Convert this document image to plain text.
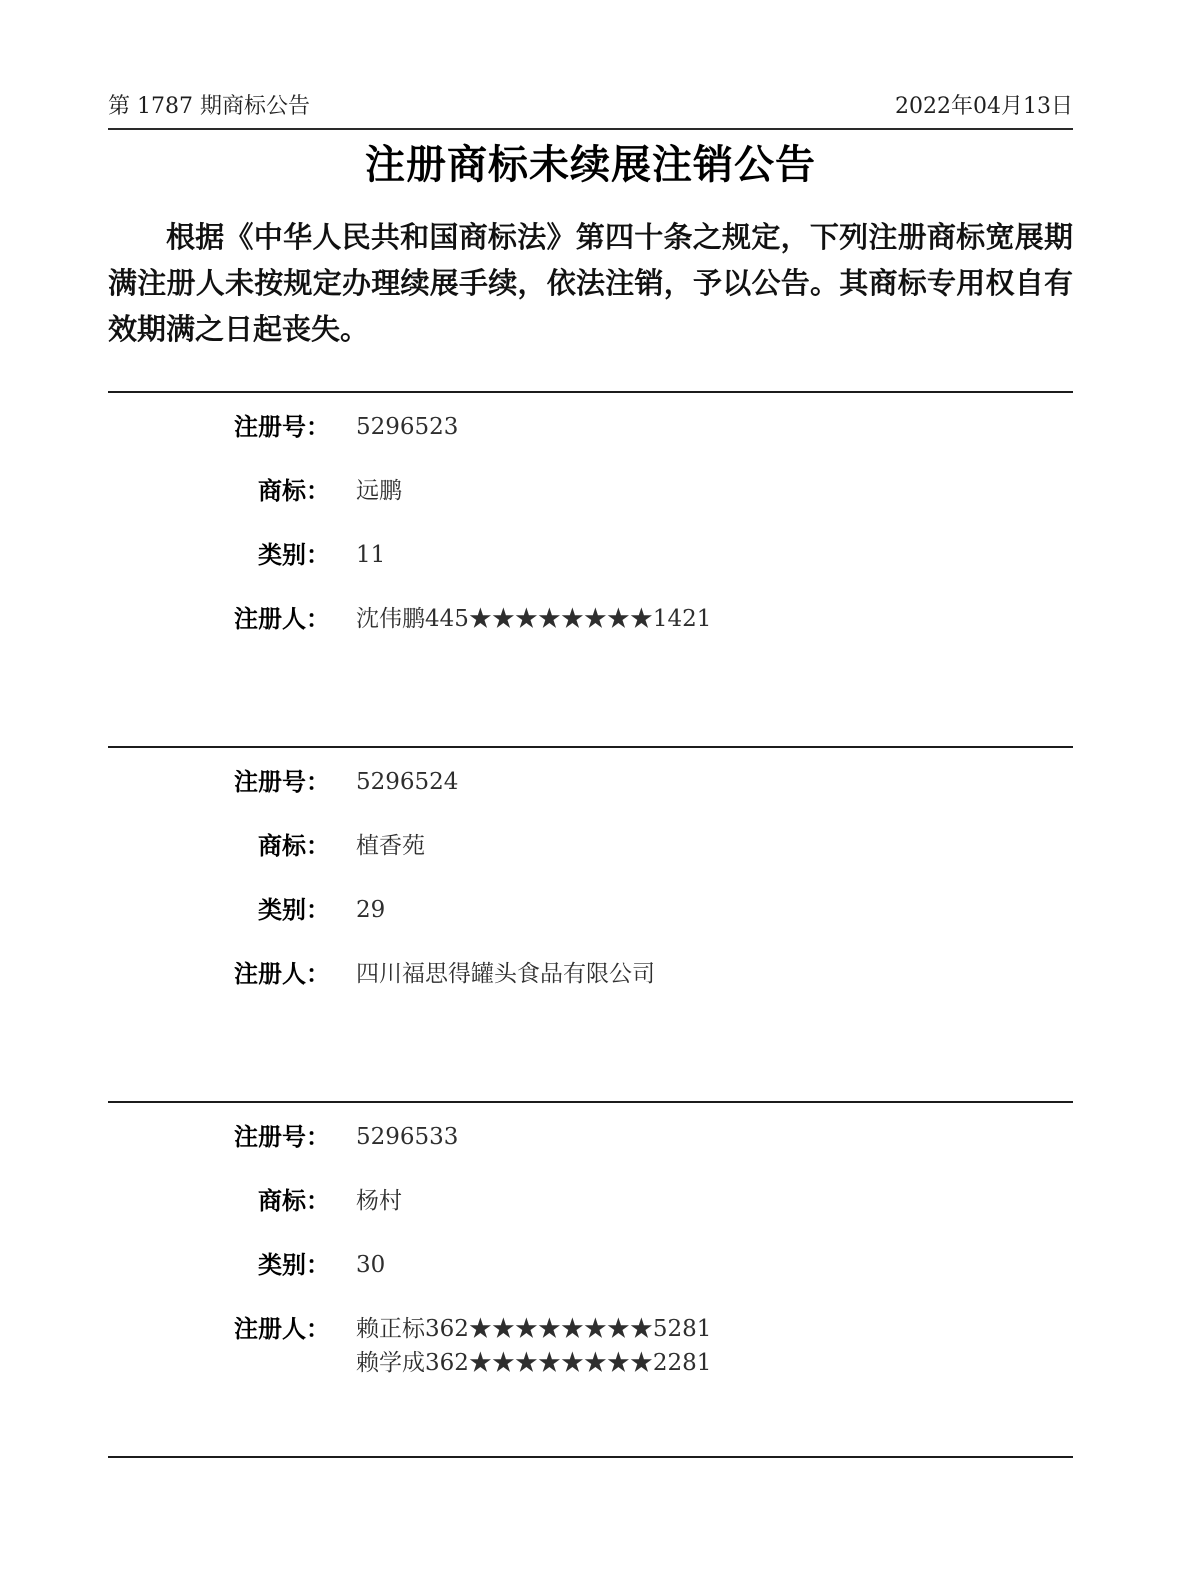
第 1787 期商标公告	2022年04月13日
注册商标未续展注销公告

根据《中华人民共和国商标法》第四十条之规定，下列注册商标宽展期满注册人未按规定办理续展手续，依法注销，予以公告。其商标专用权自有效期满之日起丧失。

注册号： 5296523
商标： 远鹏
类别： 11
注册人： 沈伟鹏445★★★★★★★★1421
注册号： 5296524
商标： 植香苑
类别： 29
注册人： 四川福思得罐头食品有限公司
注册号： 5296533
商标： 杨村
类别： 30
注册人： 赖正标362★★★★★★★★5281
赖学成362★★★★★★★★2281
